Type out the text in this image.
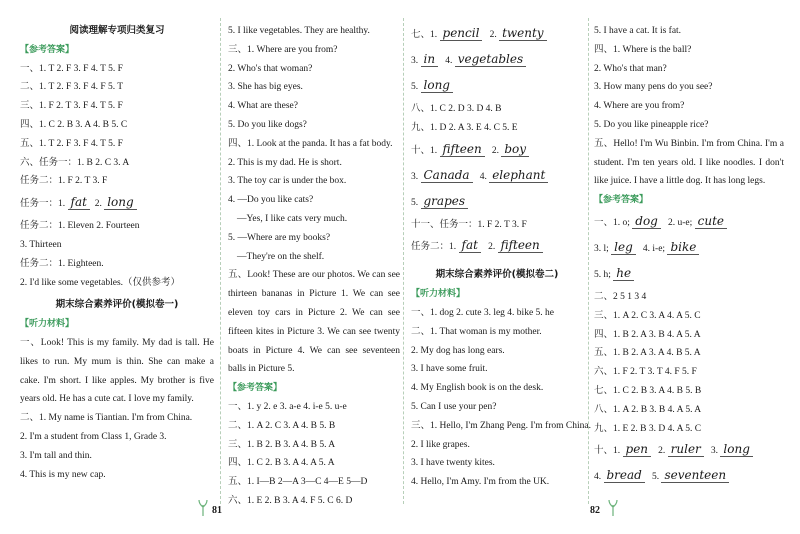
阅读理解专项归类复习
【参考答案】
一、1. T 2. F 3. F 4. T 5. F
二、1. T 2. F 3. F 4. F 5. T
三、1. F 2. T 3. F 4. T 5. F
四、1. C 2. B 3. A 4. B 5. C
五、1. T 2. F 3. F 4. T 5. F
六、任务一：1. B 2. C 3. A
任务二：1. F 2. T 3. F
任务一：1. fat 2. long
任务二：1. Eleven 2. Fourteen
3. Thirteen
任务二：1. Eighteen.
2. I'd like some vegetables.（仅供参考）
期末综合素养评价(模拟卷一)
【听力材料】
一、Look! This is my family. My dad is tall. He likes to run. My mum is thin. She can make a cake. I'm short. I like apples. My brother is five years old. He has a cute cat. I love my family.
二、1. My name is Tiantian. I'm from China.
2. I'm a student from Class 1, Grade 3.
3. I'm tall and thin.
4. This is my new cap.
5. I like vegetables. They are healthy.
三、1. Where are you from?
2. Who's that woman?
3. She has big eyes.
4. What are these?
5. Do you like dogs?
四、1. Look at the panda. It has a fat body.
2. This is my dad. He is short.
3. The toy car is under the box.
4. —Do you like cats?
—Yes, I like cats very much.
5. —Where are my books?
—They're on the shelf.
五、Look! These are our photos. We can see thirteen bananas in Picture 1. We can see eleven toy cars in Picture 2. We can see fifteen kites in Picture 3. We can see twenty boats in Picture 4. We can see seventeen balls in Picture 5.
【参考答案】
一、1. y 2. e 3. a-e 4. i-e 5. u-e
二、1. A 2. C 3. A 4. B 5. B
三、1. B 2. B 3. A 4. B 5. A
四、1. C 2. B 3. A 4. A 5. A
五、1. I—B 2—A 3—C 4—E 5—D
六、1. E 2. B 3. A 4. F 5. C 6. D
七、1. pencil 2. twenty
3. in 4. vegetables
5. long
八、1. C 2. D 3. D 4. B
九、1. D 2. A 3. E 4. C 5. E
十、1. fifteen 2. boy
3. Canada 4. elephant
5. grapes
十一、任务一：1. F 2. T 3. F
任务二：1. fat 2. fifteen
期末综合素养评价(模拟卷二)
【听力材料】
一、1. dog 2. cute 3. leg 4. bike 5. he
二、1. That woman is my mother.
2. My dog has long ears.
3. I have some fruit.
4. My English book is on the desk.
5. Can I use your pen?
三、1. Hello, I'm Zhang Peng. I'm from China.
2. I like grapes.
3. I have twenty kites.
4. Hello, I'm Amy. I'm from the UK.
5. I have a cat. It is fat.
四、1. Where is the ball?
2. Who's that man?
3. How many pens do you see?
4. Where are you from?
5. Do you like pineapple rice?
五、Hello! I'm Wu Binbin. I'm from China. I'm a student. I'm ten years old. I like noodles. I don't like juice. I have a little dog. It has long legs.
【参考答案】
一、1. o; dog 2. u-e; cute
3. l; leg 4. i-e; bike
5. h; he
二、2 5 1 3 4
三、1. A 2. C 3. A 4. A 5. C
四、1. B 2. A 3. B 4. A 5. A
五、1. B 2. A 3. A 4. B 5. A
六、1. F 2. T 3. T 4. F 5. F
七、1. C 2. B 3. A 4. B 5. B
八、1. A 2. B 3. B 4. A 5. A
九、1. E 2. B 3. D 4. A 5. C
十、1. pen 2. ruler 3. long
4. bread 5. seventeen
81	82
